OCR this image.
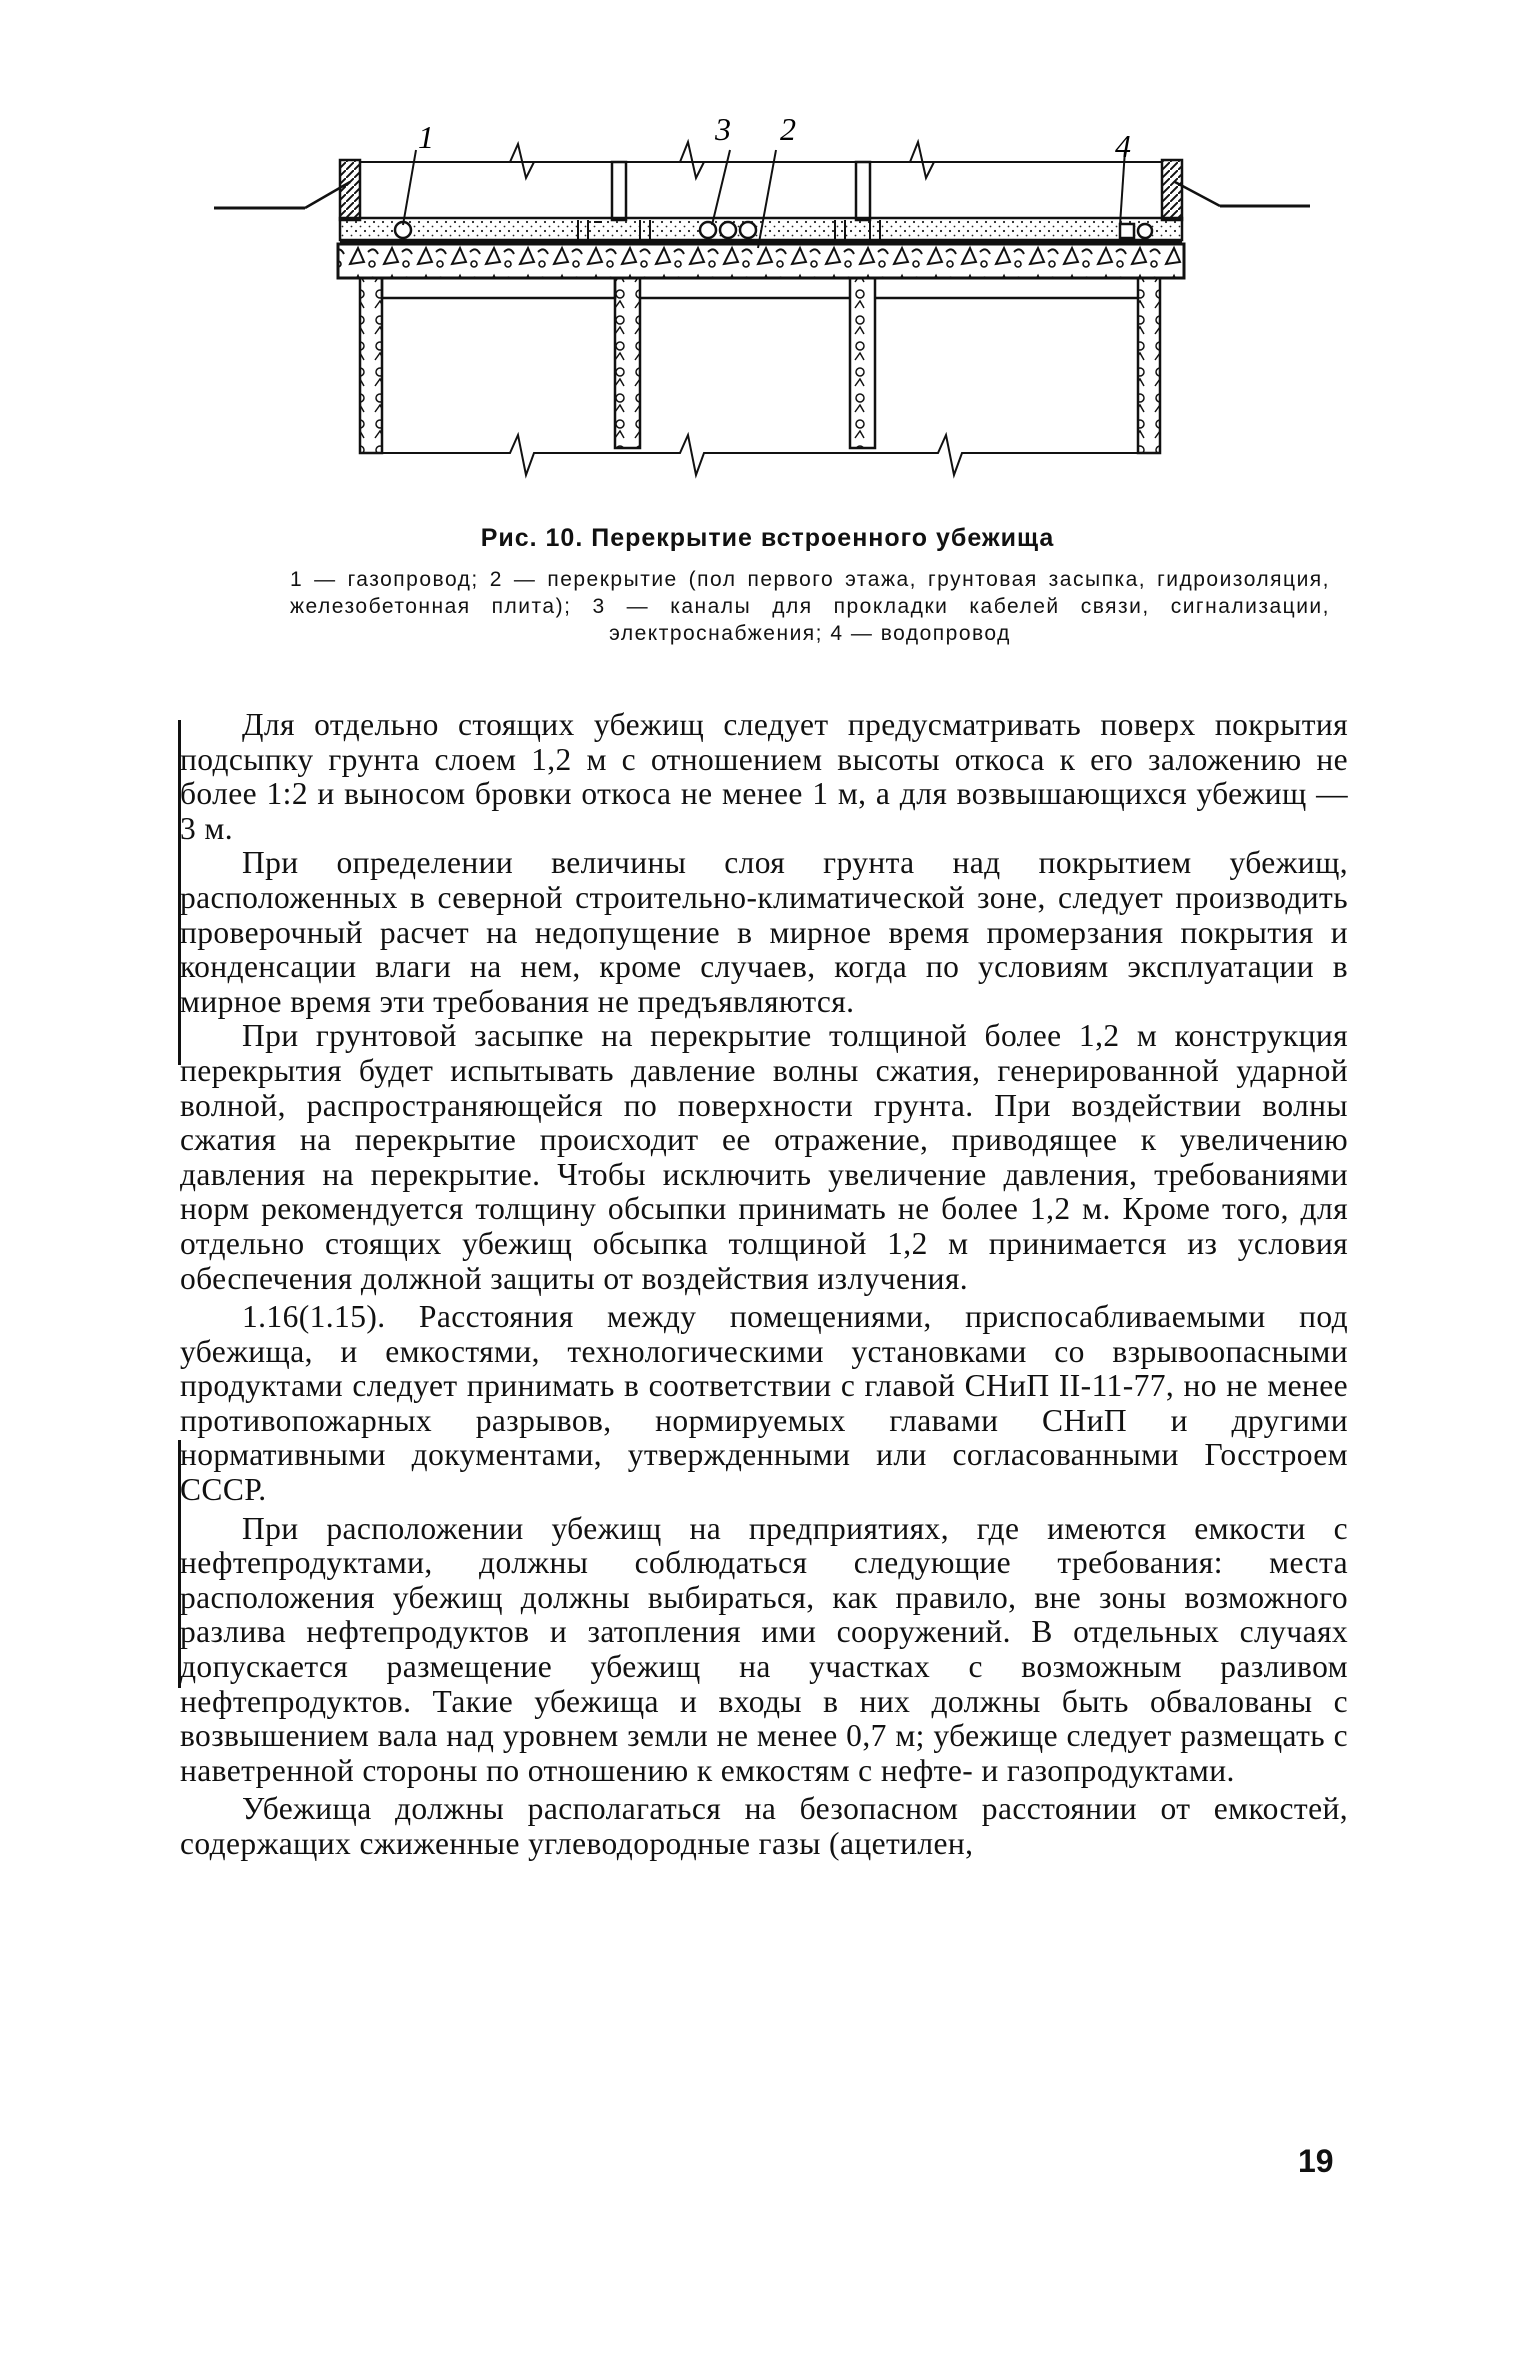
1	3 2	4
Рис. 10. Перекрытие встроенного убежища
1 — газопровод; 2 — перекрытие (пол первого этажа, грунтовая засыпка, гидроизоляция, железобетонная плита); 3 — каналы для прокладки кабелей связи, сигнализации, электроснабжения; 4 — водопровод

Для отдельно стоящих убежищ следует предусматривать поверх покрытия подсыпку грунта слоем 1,2 м с отношением высоты откоса к его заложению не более 1:2 и выносом бровки откоса не менее 1 м, а для возвышающихся убежищ — 3 м.

При определении величины слоя грунта над покрытием убежищ, расположенных в северной строительно-климатической зоне, следует производить проверочный расчет на недопущение в мирное время промерзания покрытия и конденсации влаги на нем, кроме случаев, когда по условиям эксплуатации в мирное время эти требования не предъявляются.

При грунтовой засыпке на перекрытие толщиной более 1,2 м конструкция перекрытия будет испытывать давление волны сжатия, генерированной ударной волной, распространяющейся по поверхности грунта. При воздействии волны сжатия на перекрытие происходит ее отражение, приводящее к увеличению давления на перекрытие. Чтобы исключить увеличение давления, требованиями норм рекомендуется толщину обсыпки принимать не более 1,2 м. Кроме того, для отдельно стоящих убежищ обсыпка толщиной 1,2 м принимается из условия обеспечения должной защиты от воздействия излучения.

1.16(1.15). Расстояния между помещениями, приспосабливаемыми под убежища, и емкостями, технологическими установками со взрывоопасными продуктами следует принимать в соответствии с главой СНиП II-11-77, но не менее противопожарных разрывов, нормируемых главами СНиП и другими нормативными документами, утвержденными или согласованными Госстроем СССР.

При расположении убежищ на предприятиях, где имеются емкости с нефтепродуктами, должны соблюдаться следующие требования: места расположения убежищ должны выбираться, как правило, вне зоны возможного разлива нефтепродуктов и затопления ими сооружений. В отдельных случаях допускается размещение убежищ на участках с возможным разливом нефтепродуктов. Такие убежища и входы в них должны быть обвалованы с возвышением вала над уровнем земли не менее 0,7 м; убежище следует размещать с наветренной стороны по отношению к емкостям с нефте- и газопродуктами.

Убежища должны располагаться на безопасном расстоянии от емкостей, содержащих сжиженные углеводородные газы (ацетилен,

19
